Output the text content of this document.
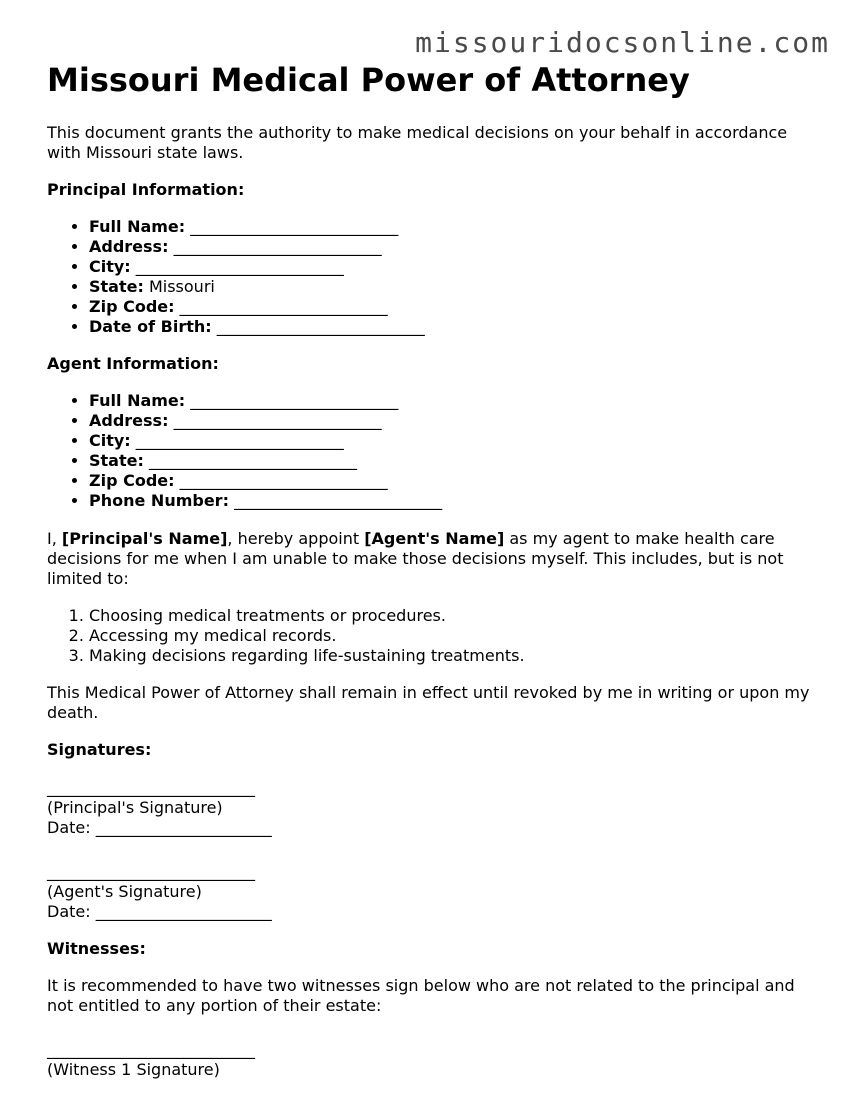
missouridocsonline.com
Missouri Medical Power of Attorney

This document grants the authority to make medical decisions on your behalf in accordance with Missouri state laws.

Principal Information:

• Full Name: __________________________
• Address: __________________________
• City: __________________________
• State: Missouri
• Zip Code: __________________________
• Date of Birth: __________________________

Agent Information:

• Full Name: __________________________
• Address: __________________________
• City: __________________________
• State: __________________________
• Zip Code: __________________________
• Phone Number: __________________________

I, [Principal's Name], hereby appoint [Agent's Name] as my agent to make health care decisions for me when I am unable to make those decisions myself. This includes, but is not limited to:

1. Choosing medical treatments or procedures.
2. Accessing my medical records.
3. Making decisions regarding life-sustaining treatments.

This Medical Power of Attorney shall remain in effect until revoked by me in writing or upon my death.

Signatures:

__________________________

(Principal's Signature)

Date: ______________________

__________________________

(Agent's Signature)

Date: ______________________

Witnesses:

It is recommended to have two witnesses sign below who are not related to the principal and not entitled to any portion of their estate:

__________________________

(Witness 1 Signature)
